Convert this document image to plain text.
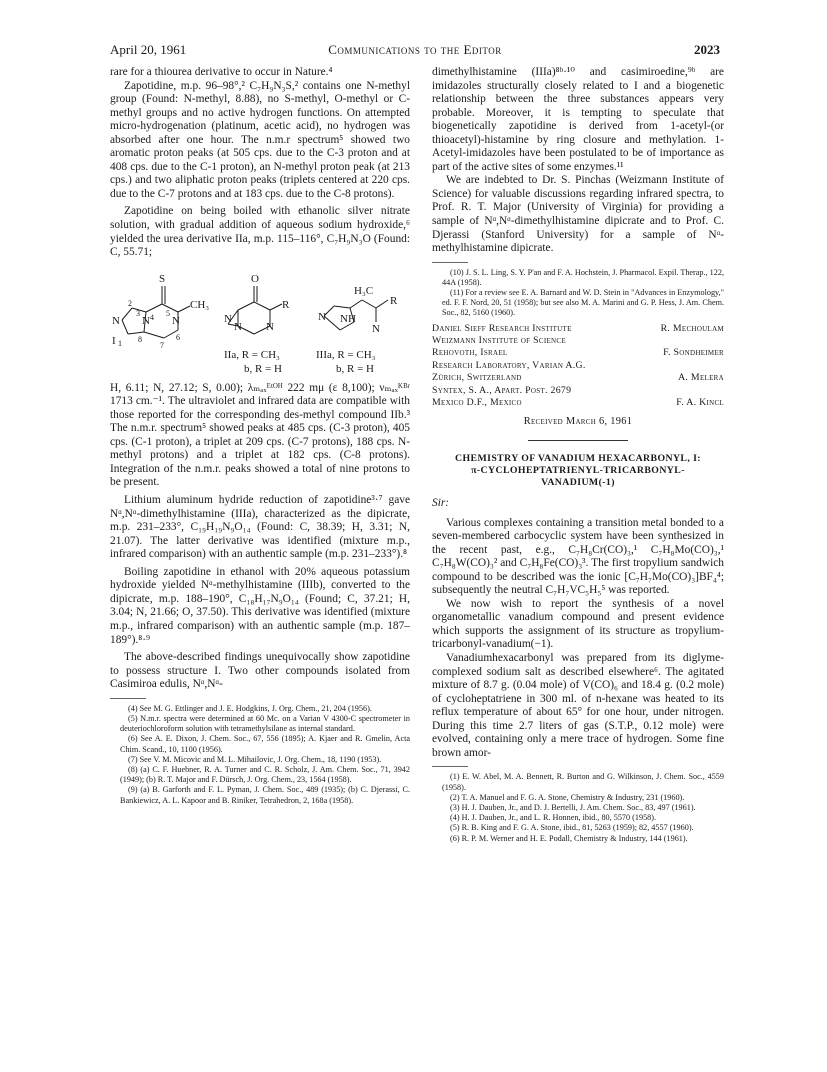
April 20, 1961	Communications to the Editor	2023

rare for a thiourea derivative to occur in Nature.⁴

Zapotidine, m.p. 96–98°,² C₇H₉N₃S,² contains one N-methyl group (Found: N-methyl, 8.88), no S-methyl, O-methyl or C-methyl groups and no active hydrogen functions. On attempted micro-hydrogenation (platinum, acetic acid), no hydrogen was absorbed after one hour. The n.m.r spectrum⁵ showed two aromatic proton peaks (at 505 cps. due to the C-3 proton and at 408 cps. due to the C-1 proton), an N-methyl proton peak (at 213 cps.) and two aliphatic proton peaks (triplets centered at 220 cps. due to the C-7 protons and at 183 cps. due to the C-8 protons).

Zapotidine on being boiled with ethanolic silver nitrate solution, with gradual addition of aqueous sodium hydroxide,⁶ yielded the urea derivative IIa, m.p. 115–116°, C₇H₉N₃O (Found: C, 55.71;

S
CH₃
N N N
1
2
3 4 5
6
7
8
I
O
R
N
N N
H₃C
R
N NH
N
IIa, R = CH₃
b, R = H
IIIa, R = CH₃
b, R = H

H, 6.11; N, 27.12; S, 0.00); λₘₐₓᴱᵗᴼᴴ 222 mμ (ε 8,100); νₘₐₓᴷᴮʳ 1713 cm.⁻¹. The ultraviolet and infrared data are compatible with those reported for the corresponding des-methyl compound IIb.³ The n.m.r. spectrum⁵ showed peaks at 485 cps. (C-3 proton), 405 cps. (C-1 proton), a triplet at 209 cps. (C-7 protons), 188 cps. N-methyl protons) and a triplet at 182 cps. (C-8 protons). Integration of the n.m.r. peaks showed a total of nine protons to be present.

Lithium aluminum hydride reduction of zapotidine³·⁷ gave Nᵅ,Nᵅ-dimethylhistamine (IIIa), characterized as the dipicrate, m.p. 231–233°, C₁₉H₁₉N₉O₁₄ (Found: C, 38.39; H, 3.31; N, 21.07). The latter derivative was identified (mixture m.p., infrared comparison) with an authentic sample (m.p. 231–233°).⁸

Boiling zapotidine in ethanol with 20% aqueous potassium hydroxide yielded Nᵅ-methylhistamine (IIIb), converted to the dipicrate, m.p. 188–190°, C₁₈H₁₇N₉O₁₄ (Found; C, 37.21; H, 3.04; N, 21.66; O, 37.50). This derivative was identified (mixture m.p., infrared comparison) with an authentic sample (m.p. 187–189°).⁸·⁹

The above-described findings unequivocally show zapotidine to possess structure I. Two other compounds isolated from Casimiroa edulis, Nᵅ,Nᵅ-

(4) See M. G. Ettlinger and J. E. Hodgkins, J. Org. Chem., 21, 204 (1956).

(5) N.m.r. spectra were determined at 60 Mc. on a Varian V 4300-C spectrometer in deuteriochloroform solution with tetramethylsilane as internal standard.

(6) See A. E. Dixon, J. Chem. Soc., 67, 556 (1895); A. Kjaer and R. Gmelin, Acta Chim. Scand., 10, 1100 (1956).

(7) See V. M. Micovic and M. L. Mihailovic, J. Org. Chem., 18, 1190 (1953).

(8) (a) C. F. Huebner, R. A. Turner and C. R. Scholz, J. Am. Chem. Soc., 71, 3942 (1949); (b) R. T. Major and F. Dürsch, J. Org. Chem., 23, 1564 (1958).

(9) (a) B. Garforth and F. L. Pyman, J. Chem. Soc., 489 (1935); (b) C. Djerassi, C. Bankiewicz, A. L. Kapoor and B. Riniker, Tetrahedron, 2, 168a (1958).

dimethylhistamine (IIIa)⁸ᵇ·¹⁰ and casimiroedine,⁹ᵇ are imidazoles structurally closely related to I and a biogenetic relationship between the three substances appears very probable. Moreover, it is tempting to speculate that biogenetically zapotidine is derived from 1-acetyl-(or thioacetyl)-histamine by ring closure and methylation. 1-Acetyl-imidazoles have been postulated to be of importance as part of the active sites of some enzymes.¹¹

We are indebted to Dr. S. Pinchas (Weizmann Institute of Science) for valuable discussions regarding infrared spectra, to Prof. R. T. Major (University of Virginia) for providing a sample of Nᵅ,Nᵅ-dimethylhistamine dipicrate and to Prof. C. Djerassi (Stanford University) for a sample of Nᵅ-methylhistamine dipicrate.

(10) J. S. L. Ling, S. Y. P'an and F. A. Hochstein, J. Pharmacol. Expil. Therap., 122, 44A (1958).

(11) For a review see E. A. Barnard and W. D. Stein in "Advances in Enzymology," ed. F. F. Nord, 20, 51 (1958); but see also M. A. Marini and G. P. Hess, J. Am. Chem. Soc., 82, 5160 (1960).

Daniel Sieff Research Institute	R. Mechoulam
Weizmann Institute of Science
Rehovoth, Israel	F. Sondheimer
Research Laboratory, Varian A.G.
Zürich, Switzerland	A. Melera
Syntex, S. A., Apart. Post. 2679
Mexico D.F., Mexico	F. A. Kincl
Received March 6, 1961
CHEMISTRY OF VANADIUM HEXACARBONYL, I:
π-CYCLOHEPTATRIENYL-TRICARBONYL-
VANADIUM(-1)

Sir:

Various complexes containing a transition metal bonded to a seven-membered carbocyclic system have been synthesized in the recent past, e.g., C₇H₈Cr(CO)₃,¹ C₇H₈Mo(CO)₃,¹ C₇H₈W(CO)₃² and C₇H₈Fe(CO)₃³. The first tropylium sandwich compound to be described was the ionic [C₇H₇Mo(CO)₃]BF₄⁴; subsequently the neutral C₇H₇VC₅H₅⁵ was reported.

We now wish to report the synthesis of a novel organometallic vanadium compound and present evidence which supports the assignment of its structure as tropylium-tricarbonyl-vanadium(−1).

Vanadiumhexacarbonyl was prepared from its diglyme-complexed sodium salt as described elsewhere⁶. The agitated mixture of 8.7 g. (0.04 mole) of V(CO)₆ and 18.4 g. (0.2 mole) of cycloheptatriene in 300 ml. of n-hexane was heated to its reflux temperature of about 65° for one hour, under nitrogen. During this time 2.7 liters of gas (S.T.P., 0.12 mole) were evolved, containing only a mere trace of hydrogen. Some fine brown amor-

(1) E. W. Abel, M. A. Bennett, R. Burton and G. Wilkinson, J. Chem. Soc., 4559 (1958).

(2) T. A. Manuel and F. G. A. Stone, Chemistry & Industry, 231 (1960).

(3) H. J. Dauben, Jr., and D. J. Bertelli, J. Am. Chem. Soc., 83, 497 (1961).

(4) H. J. Dauben, Jr., and L. R. Honnen, ibid., 80, 5570 (1958).

(5) R. B. King and F. G. A. Stone, ibid., 81, 5263 (1959); 82, 4557 (1960).

(6) R. P. M. Werner and H. E. Podall, Chemistry & Industry, 144 (1961).
